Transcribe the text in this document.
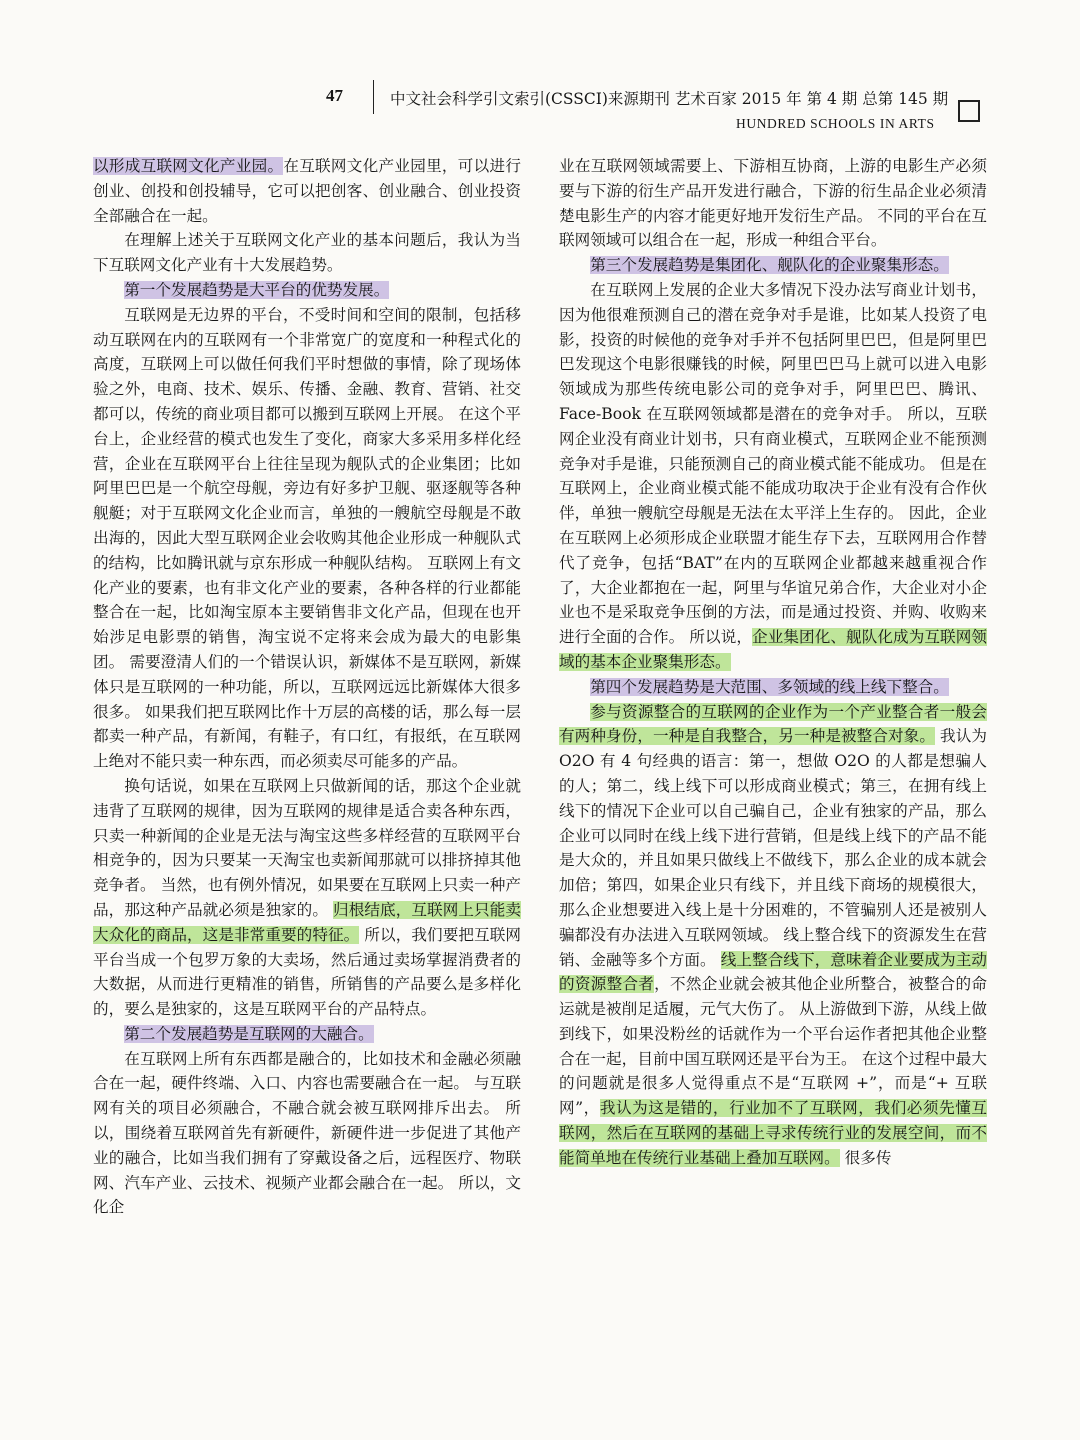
47	中文社会科学引文索引(CSSCI)来源期刊 艺术百家 2015 年 第 4 期 总第 145 期
HUNDRED SCHOOLS IN ARTS

以形成互联网文化产业园。在互联网文化产业园里，可以进行创业、创投和创投辅导，它可以把创客、创业融合、创业投资全部融合在一起。

在理解上述关于互联网文化产业的基本问题后，我认为当下互联网文化产业有十大发展趋势。

第一个发展趋势是大平台的优势发展。

互联网是无边界的平台，不受时间和空间的限制，包括移动互联网在内的互联网有一个非常宽广的宽度和一种程式化的高度，互联网上可以做任何我们平时想做的事情，除了现场体验之外，电商、技术、娱乐、传播、金融、教育、营销、社交都可以，传统的商业项目都可以搬到互联网上开展。 在这个平台上，企业经营的模式也发生了变化，商家大多采用多样化经营，企业在互联网平台上往往呈现为舰队式的企业集团；比如阿里巴巴是一个航空母舰，旁边有好多护卫舰、驱逐舰等各种舰艇；对于互联网文化企业而言，单独的一艘航空母舰是不敢出海的，因此大型互联网企业会收购其他企业形成一种舰队式的结构，比如腾讯就与京东形成一种舰队结构。 互联网上有文化产业的要素，也有非文化产业的要素，各种各样的行业都能整合在一起，比如淘宝原本主要销售非文化产品，但现在也开始涉足电影票的销售，淘宝说不定将来会成为最大的电影集团。 需要澄清人们的一个错误认识，新媒体不是互联网，新媒体只是互联网的一种功能，所以，互联网远远比新媒体大很多很多。 如果我们把互联网比作十万层的高楼的话，那么每一层都卖一种产品，有新闻，有鞋子，有口红，有报纸，在互联网上绝对不能只卖一种东西，而必须卖尽可能多的产品。

换句话说，如果在互联网上只做新闻的话，那这个企业就违背了互联网的规律，因为互联网的规律是适合卖各种东西，只卖一种新闻的企业是无法与淘宝这些多样经营的互联网平台相竞争的，因为只要某一天淘宝也卖新闻那就可以排挤掉其他竞争者。 当然，也有例外情况，如果要在互联网上只卖一种产品，那这种产品就必须是独家的。 归根结底，互联网上只能卖大众化的商品，这是非常重要的特征。 所以，我们要把互联网平台当成一个包罗万象的大卖场，然后通过卖场掌握消费者的大数据，从而进行更精准的销售，所销售的产品要么是多样化的，要么是独家的，这是互联网平台的产品特点。

第二个发展趋势是互联网的大融合。

在互联网上所有东西都是融合的，比如技术和金融必须融合在一起，硬件终端、入口、内容也需要融合在一起。 与互联网有关的项目必须融合，不融合就会被互联网排斥出去。 所以，围绕着互联网首先有新硬件，新硬件进一步促进了其他产业的融合，比如当我们拥有了穿戴设备之后，远程医疗、物联网、汽车产业、云技术、视频产业都会融合在一起。 所以，文化企

业在互联网领域需要上、下游相互协商，上游的电影生产必须要与下游的衍生产品开发进行融合，下游的衍生品企业必须清楚电影生产的内容才能更好地开发衍生产品。 不同的平台在互联网领域可以组合在一起，形成一种组合平台。

第三个发展趋势是集团化、舰队化的企业聚集形态。

在互联网上发展的企业大多情况下没办法写商业计划书，因为他很难预测自己的潜在竞争对手是谁，比如某人投资了电影，投资的时候他的竞争对手并不包括阿里巴巴，但是阿里巴巴发现这个电影很赚钱的时候，阿里巴巴马上就可以进入电影领域成为那些传统电影公司的竞争对手，阿里巴巴、腾讯、Face-Book 在互联网领域都是潜在的竞争对手。 所以，互联网企业没有商业计划书，只有商业模式，互联网企业不能预测竞争对手是谁，只能预测自己的商业模式能不能成功。 但是在互联网上，企业商业模式能不能成功取决于企业有没有合作伙伴，单独一艘航空母舰是无法在太平洋上生存的。 因此，企业在互联网上必须形成企业联盟才能生存下去，互联网用合作替代了竞争，包括“BAT”在内的互联网企业都越来越重视合作了，大企业都抱在一起，阿里与华谊兄弟合作，大企业对小企业也不是采取竞争压倒的方法，而是通过投资、并购、收购来进行全面的合作。 所以说，企业集团化、舰队化成为互联网领域的基本企业聚集形态。

第四个发展趋势是大范围、多领域的线上线下整合。

参与资源整合的互联网的企业作为一个产业整合者一般会有两种身份，一种是自我整合，另一种是被整合对象。 我认为 O2O 有 4 句经典的语言：第一，想做 O2O 的人都是想骗人的人；第二，线上线下可以形成商业模式；第三，在拥有线上线下的情况下企业可以自己骗自己，企业有独家的产品，那么企业可以同时在线上线下进行营销，但是线上线下的产品不能是大众的，并且如果只做线上不做线下，那么企业的成本就会加倍；第四，如果企业只有线下，并且线下商场的规模很大，那么企业想要进入线上是十分困难的，不管骗别人还是被别人骗都没有办法进入互联网领域。 线上整合线下的资源发生在营销、金融等多个方面。 线上整合线下，意味着企业要成为主动的资源整合者，不然企业就会被其他企业所整合，被整合的命运就是被削足适履，元气大伤了。 从上游做到下游，从线上做到线下，如果没粉丝的话就作为一个平台运作者把其他企业整合在一起，目前中国互联网还是平台为王。 在这个过程中最大的问题就是很多人觉得重点不是“互联网 +”，而是“+ 互联网”，我认为这是错的，行业加不了互联网，我们必须先懂互联网，然后在互联网的基础上寻求传统行业的发展空间，而不能简单地在传统行业基础上叠加互联网。 很多传
